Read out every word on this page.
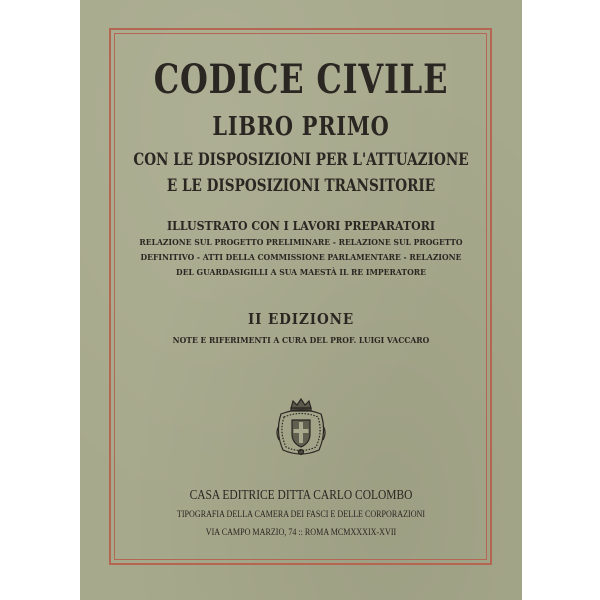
CODICE CIVILE
LIBRO PRIMO
CON LE DISPOSIZIONI PER L'ATTUAZIONE
E LE DISPOSIZIONI TRANSITORIE
ILLUSTRATO CON I LAVORI PREPARATORI
RELAZIONE SUL PROGETTO PRELIMINARE - RELAZIONE SUL PROGETTO
DEFINITIVO - ATTI DELLA COMMISSIONE PARLAMENTARE - RELAZIONE
DEL GUARDASIGILLI A SUA MAESTÀ IL RE IMPERATORE
II EDIZIONE
NOTE E RIFERIMENTI A CURA DEL PROF. LUIGI VACCARO
CASA EDITRICE DITTA CARLO COLOMBO
TIPOGRAFIA DELLA CAMERA DEI FASCI E DELLE CORPORAZIONI
VIA CAMPO MARZIO, 74 :: ROMA MCMXXXIX-XVII
